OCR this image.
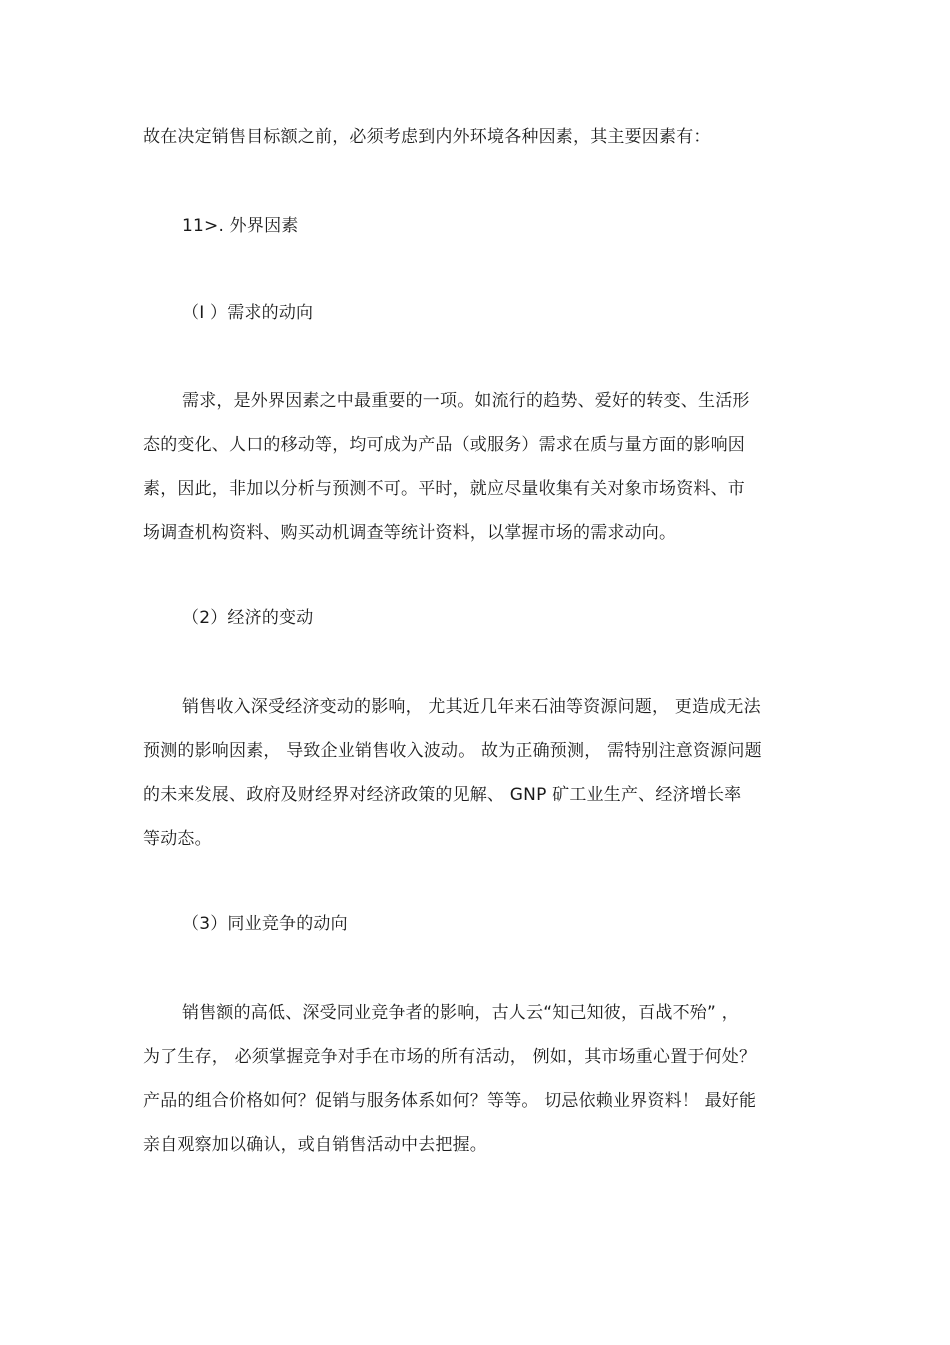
故在决定销售目标额之前，必须考虑到内外环境各种因素，其主要因素有：
11>. 外界因素
（I ）需求的动向
需求，是外界因素之中最重要的一项。如流行的趋势、爱好的转变、生活形
态的变化、人口的移动等，均可成为产品（或服务）需求在质与量方面的影响因
素，因此，非加以分析与预测不可。平时，就应尽量收集有关对象市场资料、市
场调查机构资料、购买动机调查等统计资料，以掌握市场的需求动向。
（2）经济的变动
销售收入深受经济变动的影响， 尤其近几年来石油等资源问题， 更造成无法
预测的影响因素， 导致企业销售收入波动。 故为正确预测， 需特别注意资源问题
的未来发展、政府及财经界对经济政策的见解、 GNP 矿工业生产、经济增长率
等动态。
（3）同业竞争的动向
销售额的高低、深受同业竞争者的影响，古人云“知己知彼，百战不殆” ，
为了生存， 必须掌握竞争对手在市场的所有活动， 例如，其市场重心置于何处？
产品的组合价格如何？促销与服务体系如何？等等。 切忌依赖业界资料！ 最好能
亲自观察加以确认，或自销售活动中去把握。
